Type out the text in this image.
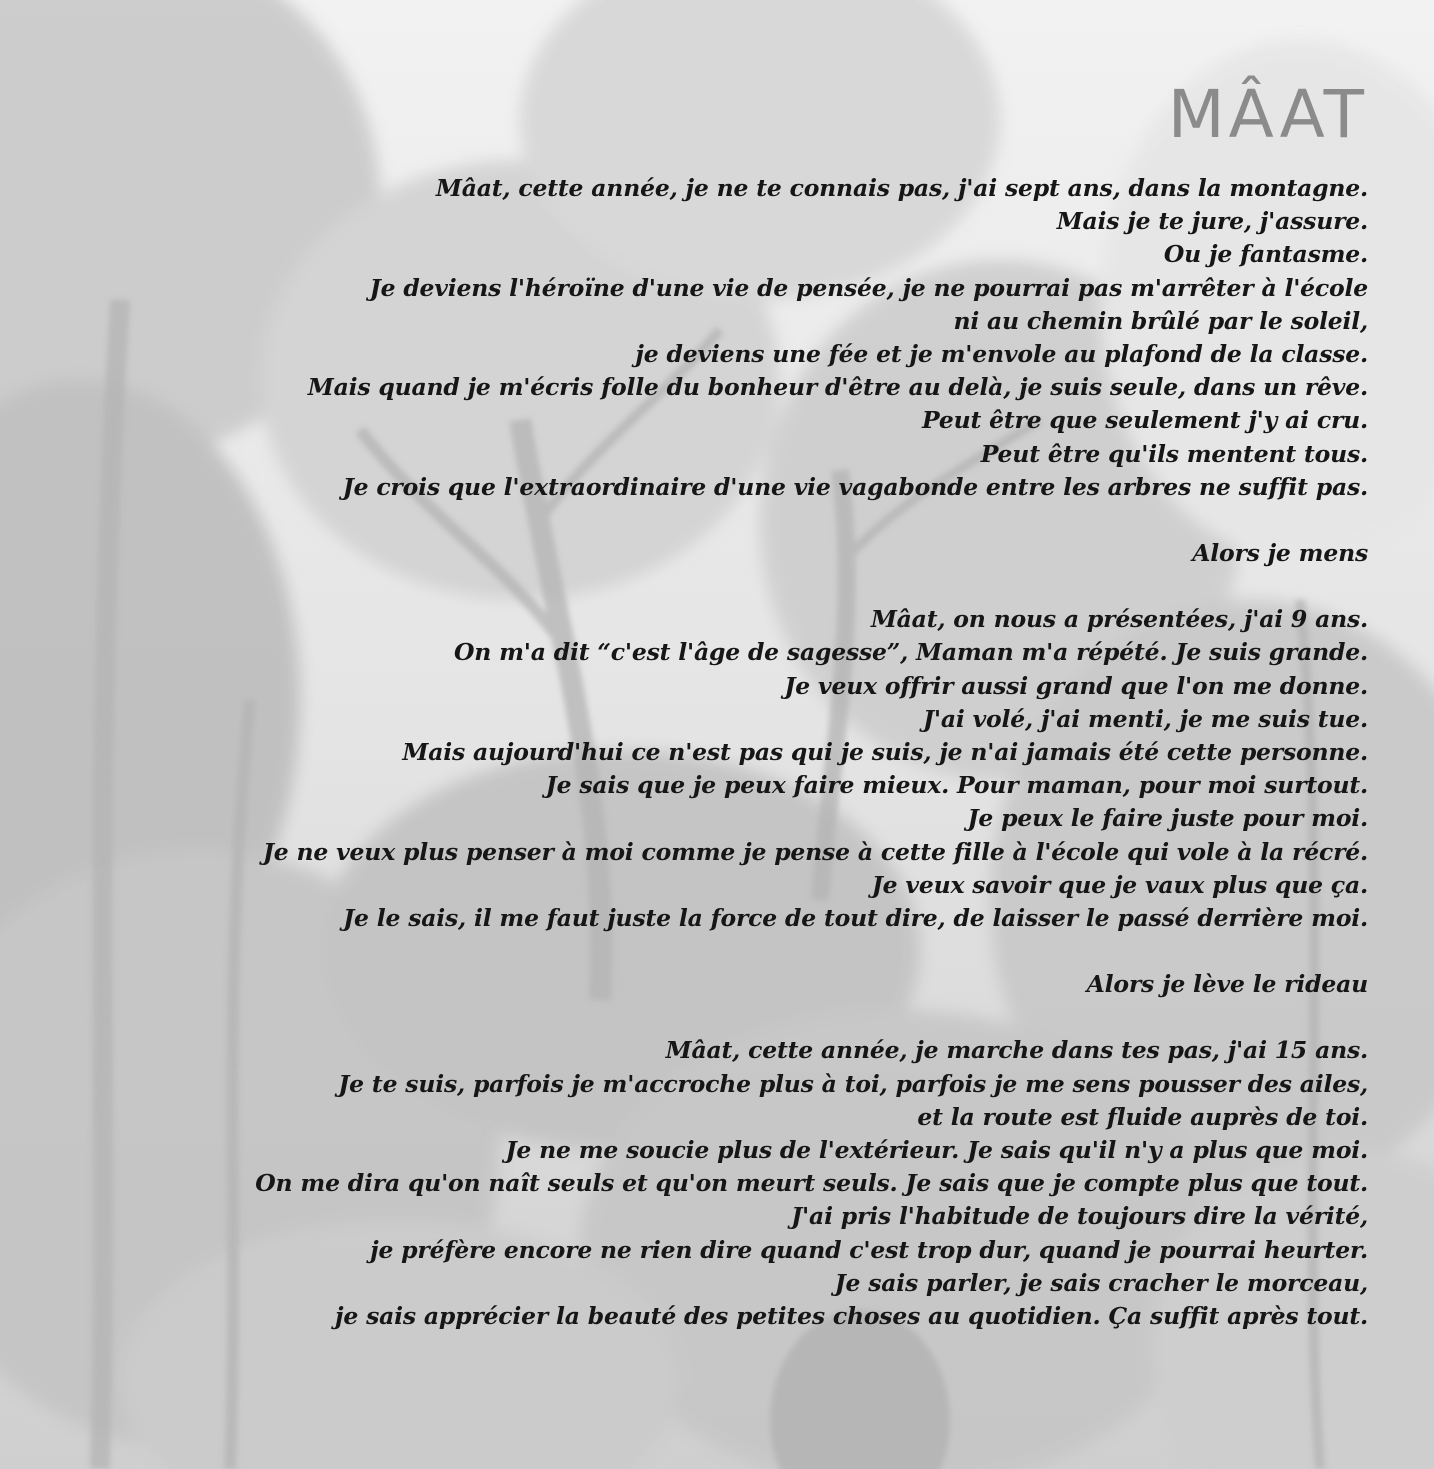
MÂAT
Mâat, cette année, je ne te connais pas, j'ai sept ans, dans la montagne.
Mais je te jure, j'assure.
Ou je fantasme.
Je deviens l'héroïne d'une vie de pensée, je ne pourrai pas m'arrêter à l'école
ni au chemin brûlé par le soleil,
je deviens une fée et je m'envole au plafond de la classe.
Mais quand je m'écris folle du bonheur d'être au delà, je suis seule, dans un rêve.
Peut être que seulement j'y ai cru.
Peut être qu'ils mentent tous.
Je crois que l'extraordinaire d'une vie vagabonde entre les arbres ne suffit pas.
Alors je mens
Mâat, on nous a présentées, j'ai 9 ans.
On m'a dit “c'est l'âge de sagesse”, Maman m'a répété. Je suis grande.
Je veux offrir aussi grand que l'on me donne.
J'ai volé, j'ai menti, je me suis tue.
Mais aujourd'hui ce n'est pas qui je suis, je n'ai jamais été cette personne.
Je sais que je peux faire mieux. Pour maman, pour moi surtout.
Je peux le faire juste pour moi.
Je ne veux plus penser à moi comme je pense à cette fille à l'école qui vole à la récré.
Je veux savoir que je vaux plus que ça.
Je le sais, il me faut juste la force de tout dire, de laisser le passé derrière moi.
Alors je lève le rideau
Mâat, cette année, je marche dans tes pas, j'ai 15 ans.
Je te suis, parfois je m'accroche plus à toi, parfois je me sens pousser des ailes,
et la route est fluide auprès de toi.
Je ne me soucie plus de l'extérieur. Je sais qu'il n'y a plus que moi.
On me dira qu'on naît seuls et qu'on meurt seuls. Je sais que je compte plus que tout.
J'ai pris l'habitude de toujours dire la vérité,
je préfère encore ne rien dire quand c'est trop dur, quand je pourrai heurter.
Je sais parler, je sais cracher le morceau,
je sais apprécier la beauté des petites choses au quotidien. Ça suffit après tout.
